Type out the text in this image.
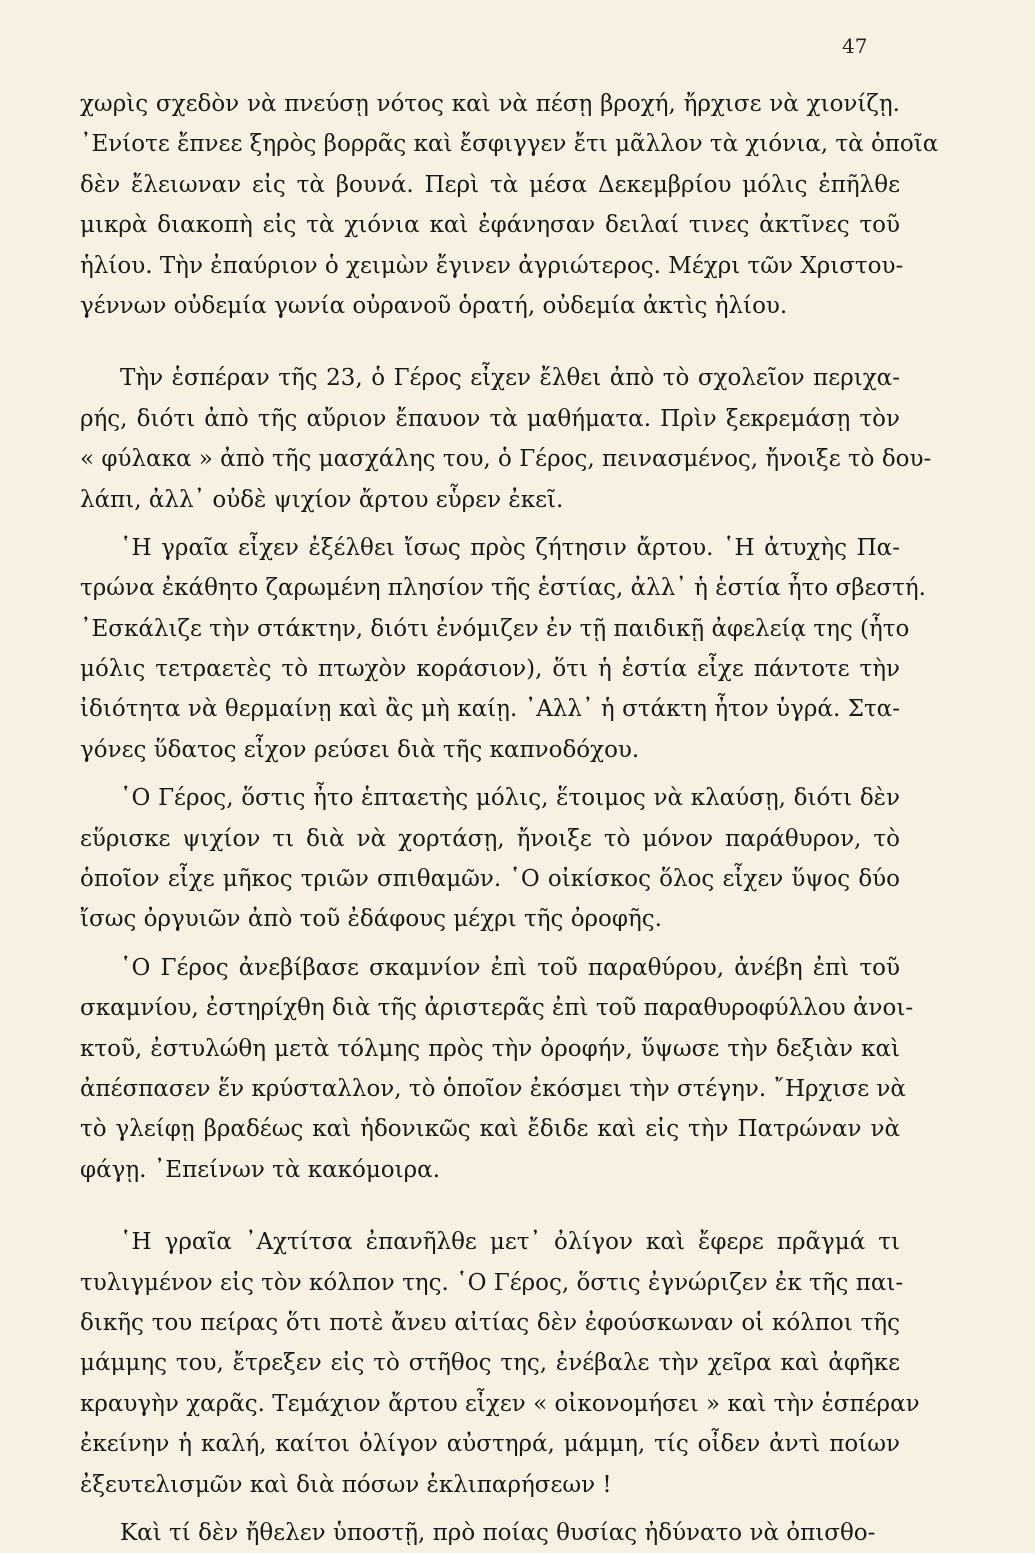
47
χωρὶς σχεδὸν νὰ πνεύσῃ νότος καὶ νὰ πέσῃ βροχή, ἤρχισε νὰ χιονίζῃ.
᾿Ενίοτε ἔπνεε ξηρὸς βορρᾶς καὶ ἔσφιγγεν ἔτι μᾶλλον τὰ χιόνια, τὰ ὁποῖα
δὲν ἔλειωναν εἰς τὰ βουνά. Περὶ τὰ μέσα Δεκεμβρίου μόλις ἐπῆλθε
μικρὰ διακοπὴ εἰς τὰ χιόνια καὶ ἐφάνησαν δειλαί τινες ἀκτῖνες τοῦ
ἡλίου. Τὴν ἐπαύριον ὁ χειμὼν ἔγινεν ἀγριώτερος. Μέχρι τῶν Χριστου-
γέννων οὐδεμία γωνία οὐρανοῦ ὁρατή, οὐδεμία ἀκτὶς ἡλίου.
Τὴν ἑσπέραν τῆς 23, ὁ Γέρος εἶχεν ἔλθει ἀπὸ τὸ σχολεῖον περιχα-
ρής, διότι ἀπὸ τῆς αὔριον ἔπαυον τὰ μαθήματα. Πρὶν ξεκρεμάσῃ τὸν
« φύλακα » ἀπὸ τῆς μασχάλης του, ὁ Γέρος, πεινασμένος, ἤνοιξε τὸ δου-
λάπι, ἀλλ᾿ οὐδὲ ψιχίον ἄρτου εὗρεν ἐκεῖ.
῾Η γραῖα εἶχεν ἐξέλθει ἴσως πρὸς ζήτησιν ἄρτου. ῾Η ἀτυχὴς Πα-
τρώνα ἐκάθητο ζαρωμένη πλησίον τῆς ἑστίας, ἀλλ᾿ ἡ ἑστία ἦτο σβεστή.
᾿Εσκάλιζε τὴν στάκτην, διότι ἐνόμιζεν ἐν τῇ παιδικῇ ἀφελείᾳ της (ἦτο
μόλις τετραετὲς τὸ πτωχὸν κοράσιον), ὅτι ἡ ἑστία εἶχε πάντοτε τὴν
ἰδιότητα νὰ θερμαίνῃ καὶ ἂς μὴ καίῃ. ᾿Αλλ᾿ ἡ στάκτη ἦτον ὑγρά. Στα-
γόνες ὕδατος εἶχον ρεύσει διὰ τῆς καπνοδόχου.
῾Ο Γέρος, ὅστις ἦτο ἑπταετὴς μόλις, ἕτοιμος νὰ κλαύσῃ, διότι δὲν
εὕρισκε ψιχίον τι διὰ νὰ χορτάσῃ, ἤνοιξε τὸ μόνον παράθυρον, τὸ
ὁποῖον εἶχε μῆκος τριῶν σπιθαμῶν. ῾Ο οἰκίσκος ὅλος εἶχεν ὕψος δύο
ἴσως ὀργυιῶν ἀπὸ τοῦ ἐδάφους μέχρι τῆς ὀροφῆς.
῾Ο Γέρος ἀνεβίβασε σκαμνίον ἐπὶ τοῦ παραθύρου, ἀνέβη ἐπὶ τοῦ
σκαμνίου, ἐστηρίχθη διὰ τῆς ἀριστερᾶς ἐπὶ τοῦ παραθυροφύλλου ἀνοι-
κτοῦ, ἐστυλώθη μετὰ τόλμης πρὸς τὴν ὀροφήν, ὕψωσε τὴν δεξιὰν καὶ
ἀπέσπασεν ἕν κρύσταλλον, τὸ ὁποῖον ἐκόσμει τὴν στέγην. ῎Ηρχισε νὰ
τὸ γλείφῃ βραδέως καὶ ἡδονικῶς καὶ ἔδιδε καὶ εἰς τὴν Πατρώναν νὰ
φάγῃ. ᾿Επείνων τὰ κακόμοιρα.
῾Η γραῖα ᾿Αχτίτσα ἐπανῆλθε μετ᾿ ὀλίγον καὶ ἔφερε πρᾶγμά τι
τυλιγμένον εἰς τὸν κόλπον της. ῾Ο Γέρος, ὅστις ἐγνώριζεν ἐκ τῆς παι-
δικῆς του πείρας ὅτι ποτὲ ἄνευ αἰτίας δὲν ἐφούσκωναν οἱ κόλποι τῆς
μάμμης του, ἔτρεξεν εἰς τὸ στῆθος της, ἐνέβαλε τὴν χεῖρα καὶ ἀφῆκε
κραυγὴν χαρᾶς. Τεμάχιον ἄρτου εἶχεν « οἰκονομήσει » καὶ τὴν ἑσπέραν
ἐκείνην ἡ καλή, καίτοι ὀλίγον αὐστηρά, μάμμη, τίς οἶδεν ἀντὶ ποίων
ἐξευτελισμῶν καὶ διὰ πόσων ἐκλιπαρήσεων !
Καὶ τί δὲν ἤθελεν ὑποστῇ, πρὸ ποίας θυσίας ἠδύνατο νὰ ὀπισθο-
